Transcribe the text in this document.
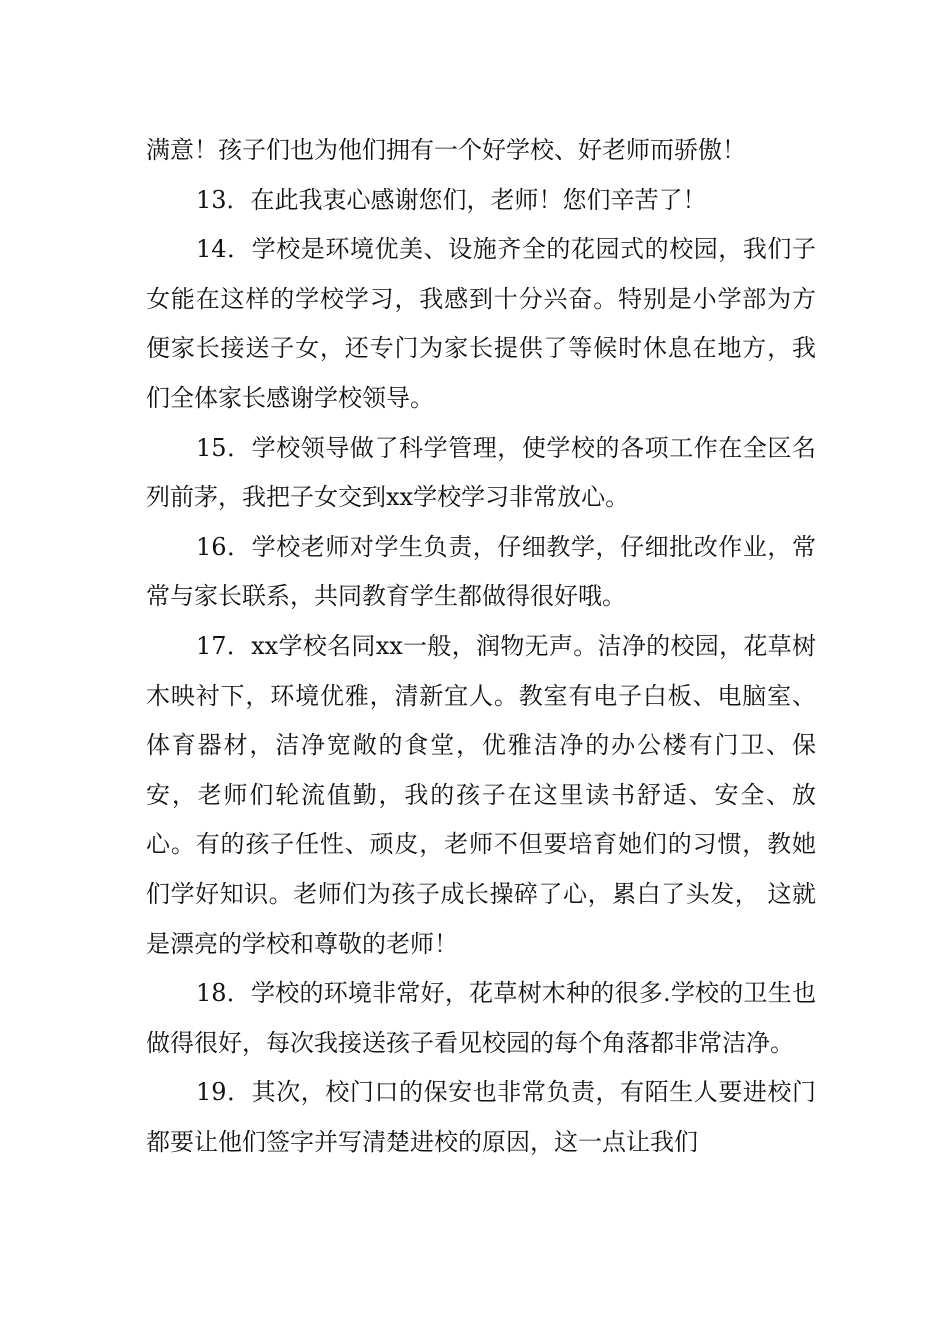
满意！孩子们也为他们拥有一个好学校、好老师而骄傲！

13．在此我衷心感谢您们，老师！您们辛苦了！

14．学校是环境优美、设施齐全的花园式的校园，我们子女能在这样的学校学习，我感到十分兴奋。特别是小学部为方便家长接送子女，还专门为家长提供了等候时休息在地方，我们全体家长感谢学校领导。

15．学校领导做了科学管理，使学校的各项工作在全区名列前茅，我把子女交到xx学校学习非常放心。

16．学校老师对学生负责，仔细教学，仔细批改作业，常常与家长联系，共同教育学生都做得很好哦。

17．xx学校名同xx一般，润物无声。洁净的校园，花草树木映衬下，环境优雅，清新宜人。教室有电子白板、电脑室、体育器材，洁净宽敞的食堂，优雅洁净的办公楼有门卫、保安，老师们轮流值勤，我的孩子在这里读书舒适、安全、放心。有的孩子任性、顽皮，老师不但要培育她们的习惯，教她们学好知识。老师们为孩子成长操碎了心，累白了头发， 这就是漂亮的学校和尊敬的老师！

18．学校的环境非常好，花草树木种的很多.学校的卫生也做得很好，每次我接送孩子看见校园的每个角落都非常洁净。

19．其次，校门口的保安也非常负责，有陌生人要进校门都要让他们签字并写清楚进校的原因，这一点让我们
